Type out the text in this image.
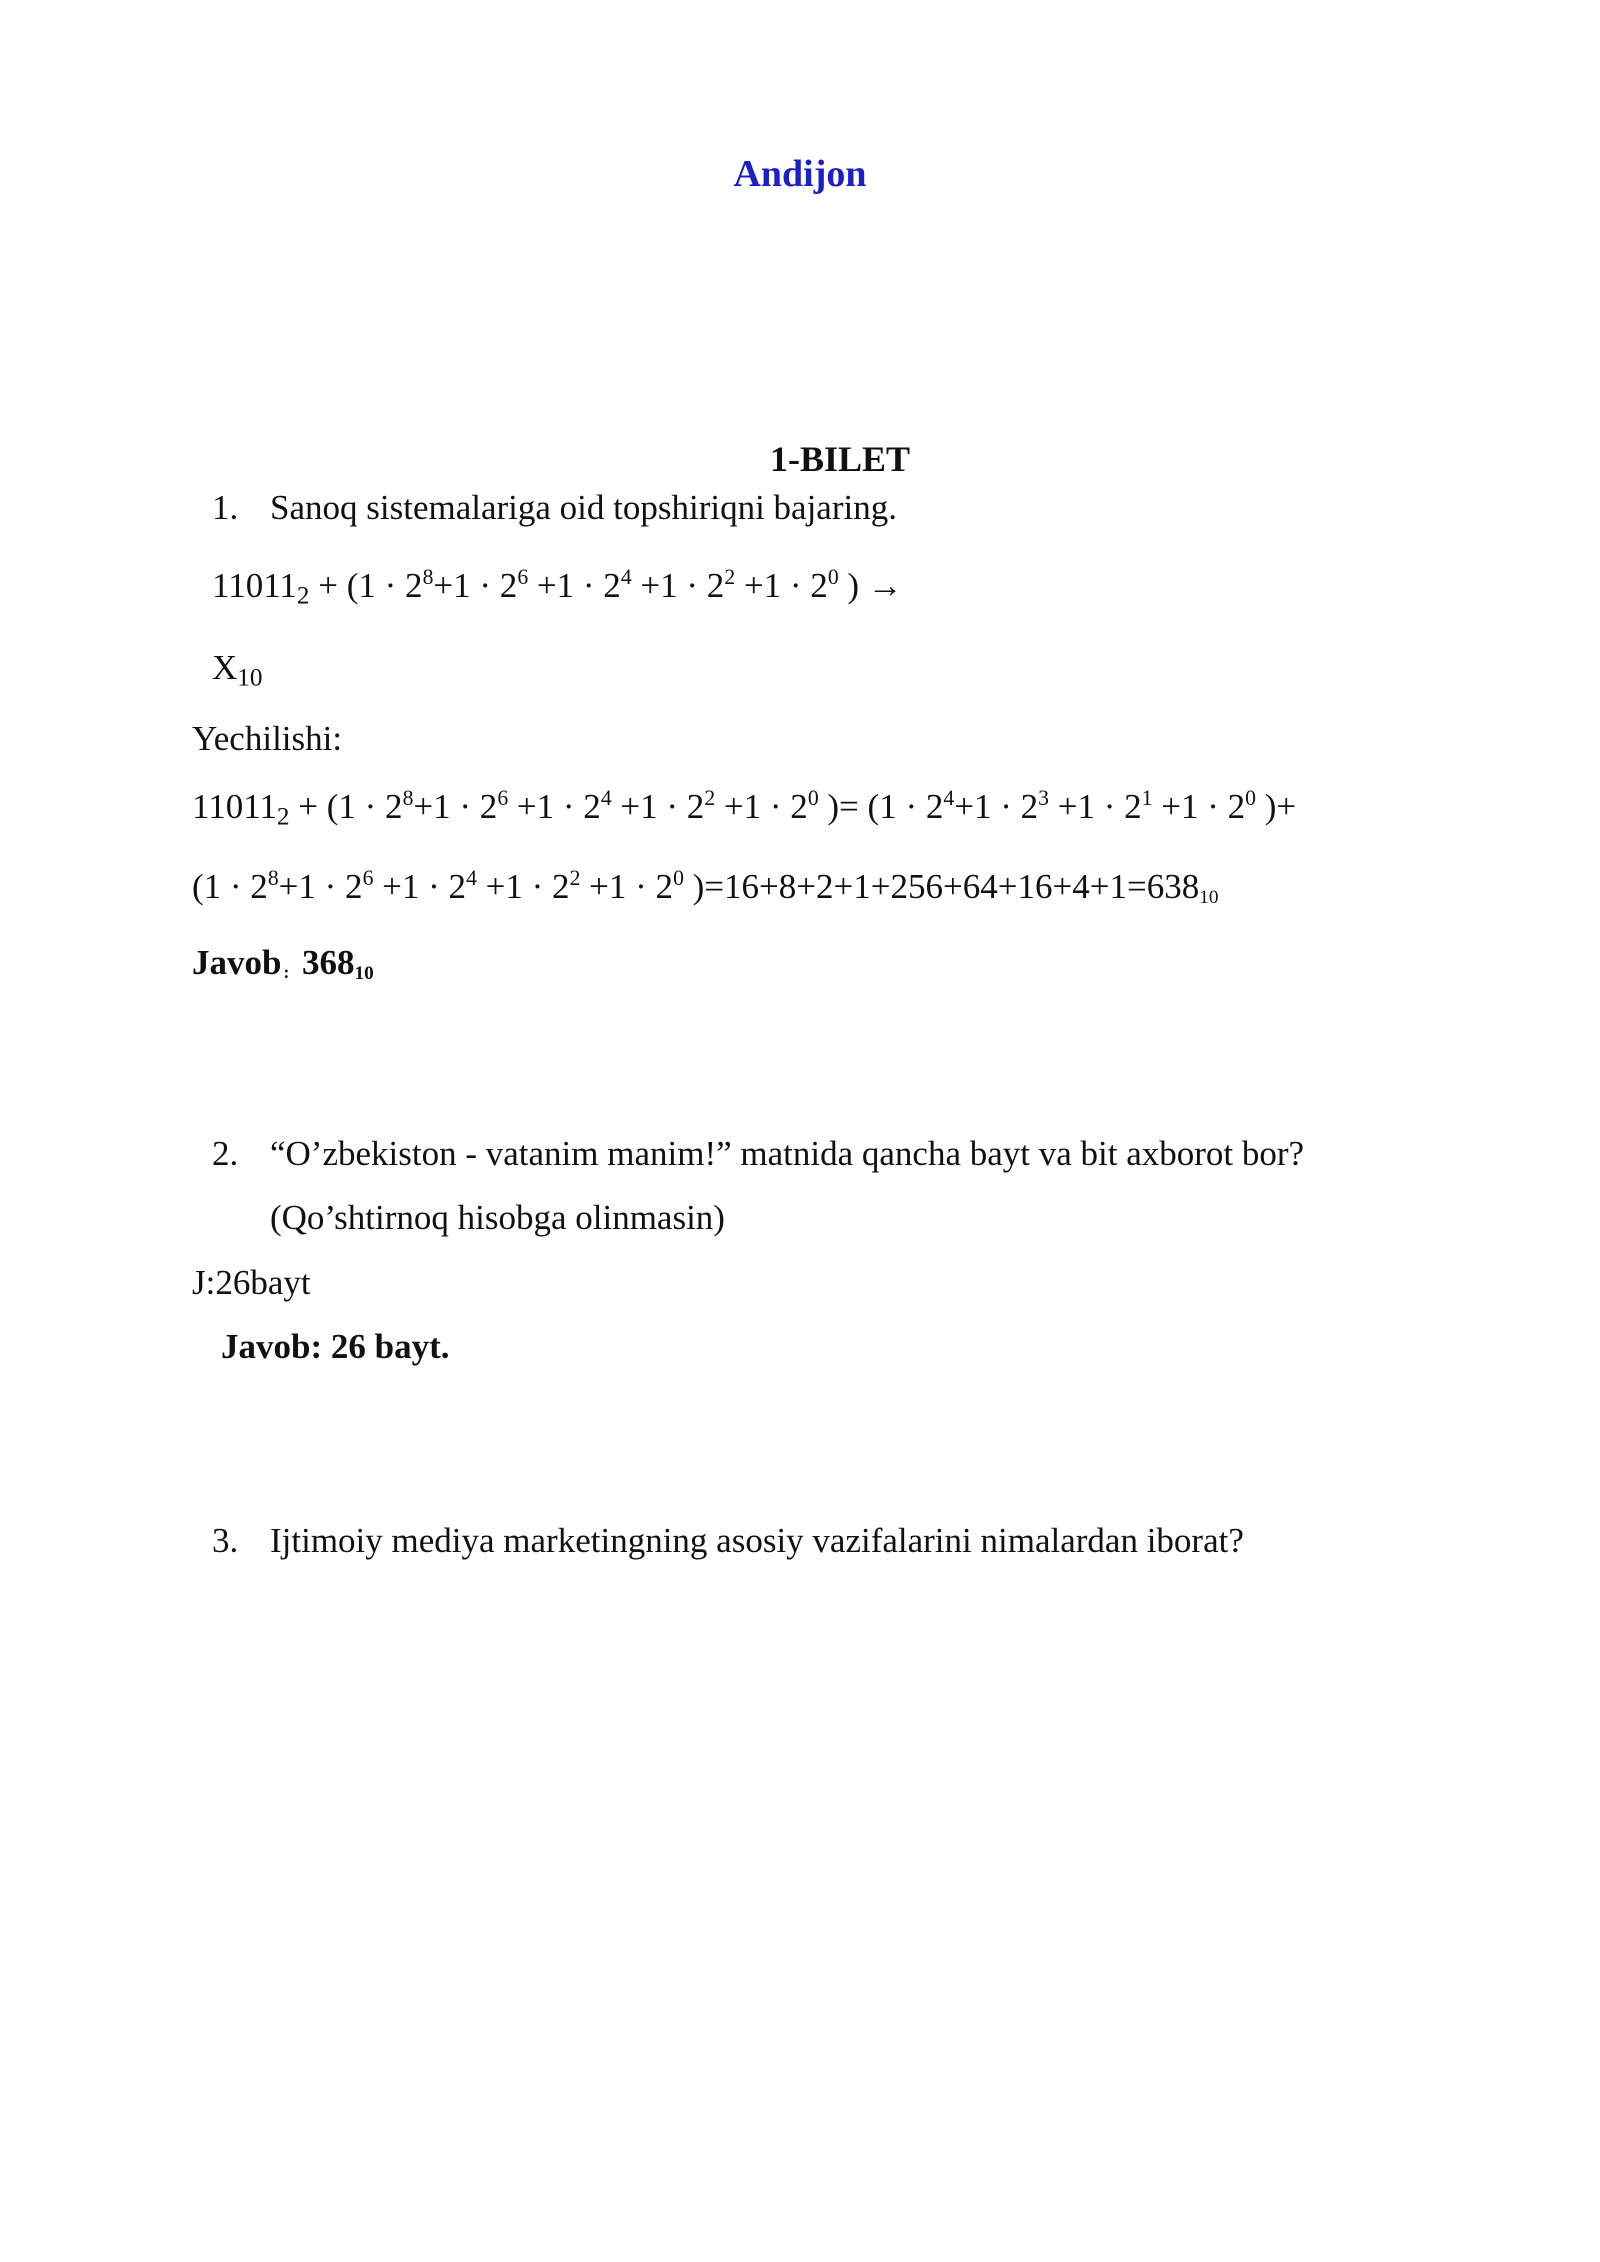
Andijon
1-BILET
1. Sanoq sistemalariga oid topshiriqni bajaring.
$11011_2 + (1 \cdot 2^8+1 \cdot 2^6 +1 \cdot 2^4 +1 \cdot 2^2 +1 \cdot 2^0$ ) →
$X_{10}$
Yechilishi:
$11011_2 + (1 \cdot 2^8+1 \cdot 2^6 +1 \cdot 2^4 +1 \cdot 2^2 +1 \cdot 2^0$ )= ($1 \cdot 2^4+1 \cdot 2^3 +1 \cdot 2^1 +1 \cdot 2^0$ )+
($1 \cdot 2^8+1 \cdot 2^6 +1 \cdot 2^4 +1 \cdot 2^2 +1 \cdot 2^0$ )$=16+8+2+1+256+64+16+4+1=638_{10}$
Javob : $368_{10}$
2. “O’zbekiston - vatanim manim!” matnida qancha bayt va bit axborot bor?
(Qo’shtirnoq hisobga olinmasin)
J:26bayt
Javob: 26 bayt.
3. Ijtimoiy mediya marketingning asosiy vazifalarini nimalardan iborat?
